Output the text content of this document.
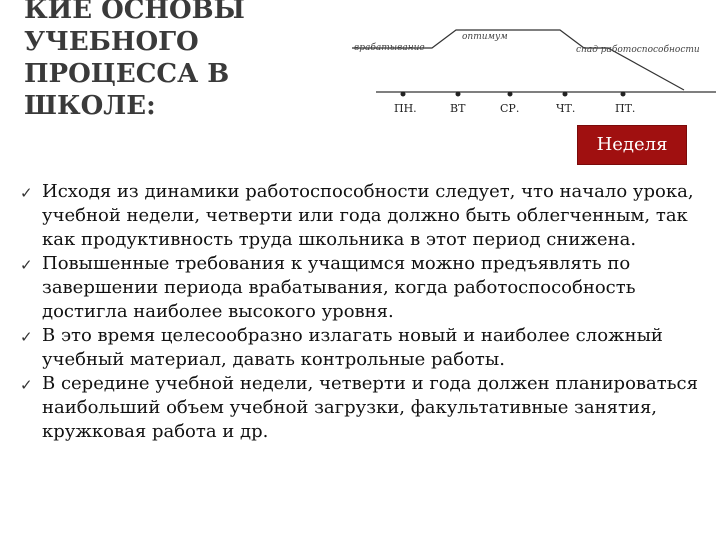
КИЕ ОСНОВЫ
УЧЕБНОГО
ПРОЦЕССА В
ШКОЛЕ:
врабатывание
оптимум
спад работоспособности
ПН.	ВТ	СР.	ЧТ.	ПТ.
Неделя
✓ Исходя из динамики работоспособности следует, что начало урока, учебной недели, четверти или года должно быть облегченным, так как продуктивность труда школьника в этот период снижена.
✓ Повышенные требования к учащимся можно предъявлять по завершении периода врабатывания, когда работоспособность достигла наиболее высокого уровня.
✓ В это время целесообразно излагать новый и наиболее сложный учебный материал, давать контрольные работы.
✓ В середине учебной недели, четверти и года должен планироваться наибольший объем учебной загрузки, факультативные занятия, кружковая работа и др.
